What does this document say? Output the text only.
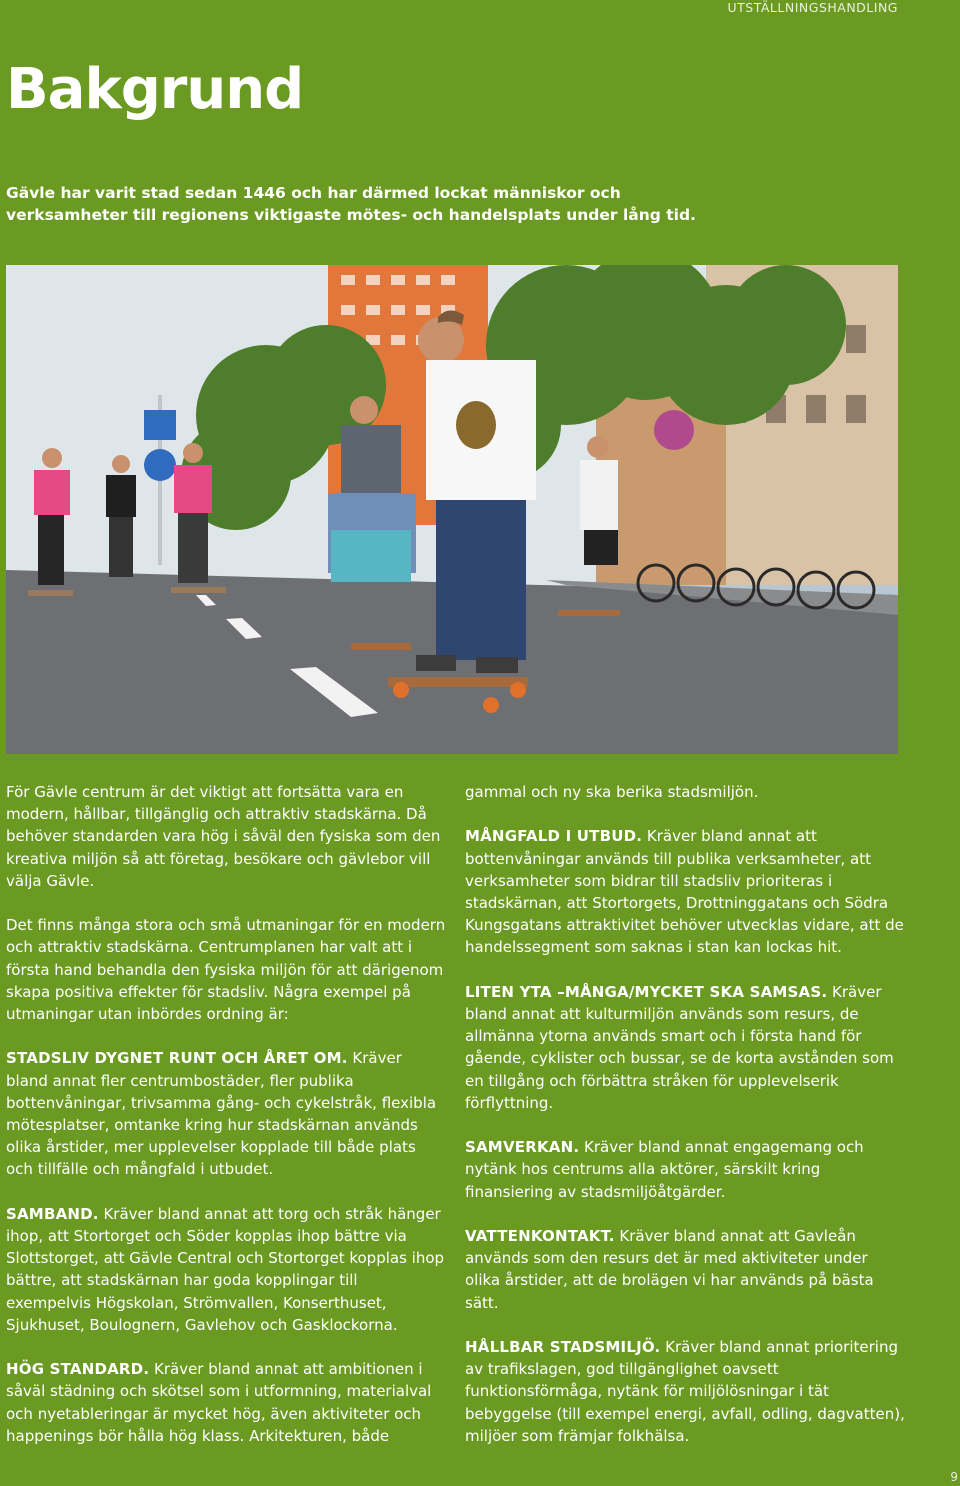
UTSTÄLLNINGSHANDLING
Bakgrund

Gävle har varit stad sedan 1446 och har därmed lockat människor och verksamheter till regionens viktigaste mötes- och handelsplats under lång tid.

För Gävle centrum är det viktigt att fortsätta vara en modern, hållbar, tillgänglig och attraktiv stadskärna. Då behöver standarden vara hög i såväl den fysiska som den kreativa miljön så att företag, besökare och gävlebor vill välja Gävle.

Det finns många stora och små utmaningar för en modern och attraktiv stadskärna. Centrumplanen har valt att i första hand behandla den fysiska miljön för att därigenom skapa positiva effekter för stadsliv. Några exempel på utmaningar utan inbördes ordning är:

STADSLIV DYGNET RUNT OCH ÅRET OM. Kräver bland annat fler centrumbostäder, fler publika bottenvåningar, trivsamma gång- och cykelstråk, flexibla mötesplatser, omtanke kring hur stadskärnan används olika årstider, mer upplevelser kopplade till både plats och tillfälle och mångfald i utbudet.

SAMBAND. Kräver bland annat att torg och stråk hänger ihop, att Stortorget och Söder kopplas ihop bättre via Slottstorget, att Gävle Central och Stortorget kopplas ihop bättre, att stadskärnan har goda kopplingar till exempelvis Högskolan, Strömvallen, Konserthuset, Sjukhuset, Boulognern, Gavlehov och Gasklockorna.

HÖG STANDARD. Kräver bland annat att ambitionen i såväl städning och skötsel som i utformning, materialval och nyetableringar är mycket hög, även aktiviteter och happenings bör hålla hög klass. Arkitekturen, både

gammal och ny ska berika stadsmiljön.

MÅNGFALD I UTBUD. Kräver bland annat att bottenvåningar används till publika verksamheter, att verksamheter som bidrar till stadsliv prioriteras i stadskärnan, att Stortorgets, Drottninggatans och Södra Kungsgatans attraktivitet behöver utvecklas vidare, att de handelssegment som saknas i stan kan lockas hit.

LITEN YTA –MÅNGA/MYCKET SKA SAMSAS. Kräver bland annat att kulturmiljön används som resurs, de allmänna ytorna används smart och i första hand för gående, cyklister och bussar, se de korta avstånden som en tillgång och förbättra stråken för upplevelserik förflyttning.

SAMVERKAN. Kräver bland annat engagemang och nytänk hos centrums alla aktörer, särskilt kring finansiering av stadsmiljöåtgärder.

VATTENKONTAKT. Kräver bland annat att Gavleån används som den resurs det är med aktiviteter under olika årstider, att de brolägen vi har används på bästa sätt.

HÅLLBAR STADSMILJÖ. Kräver bland annat prioritering av trafikslagen, god tillgänglighet oavsett funktionsförmåga, nytänk för miljölösningar i tät bebyggelse (till exempel energi, avfall, odling, dagvatten), miljöer som främjar folkhälsa.

9
